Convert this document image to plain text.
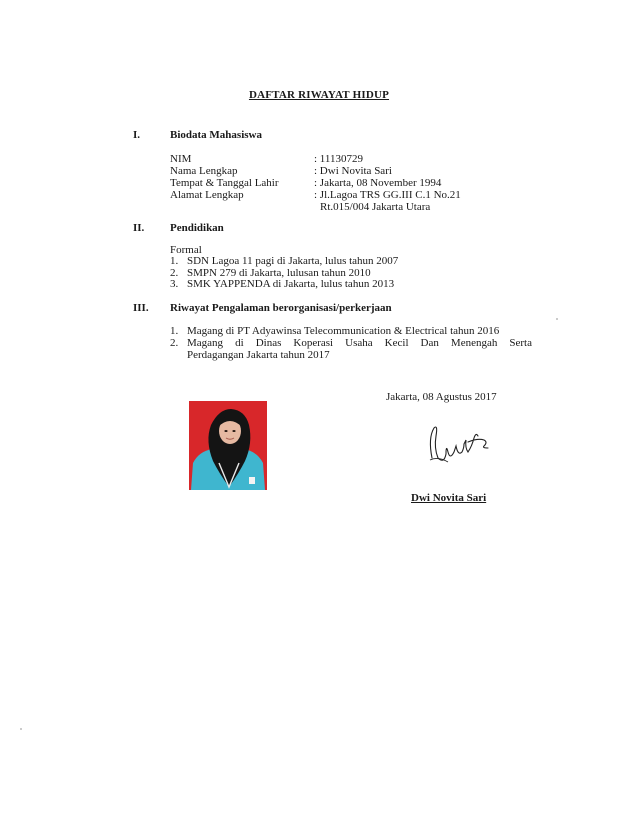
DAFTAR RIWAYAT HIDUP
I.	Biodata Mahasiswa
NIM	: 11130729
Nama Lengkap	: Dwi Novita Sari
Tempat & Tanggal Lahir	: Jakarta, 08 November 1994
Alamat Lengkap	: Jl.Lagoa TRS GG.III C.1 No.21
Rt.015/004 Jakarta Utara
II. Pendidikan
Formal
1. SDN Lagoa 11 pagi di Jakarta, lulus tahun 2007
2. SMPN 279 di Jakarta, lulusan tahun 2010
3. SMK YAPPENDA di Jakarta, lulus tahun 2013
III. Riwayat Pengalaman berorganisasi/perkerjaan
1. Magang di PT Adyawinsa Telecommunication & Electrical tahun 2016
2. Magang di Dinas Koperasi Usaha Kecil Dan Menengah Serta
Perdagangan Jakarta tahun 2017
Jakarta, 08 Agustus 2017
Dwi Novita Sari
